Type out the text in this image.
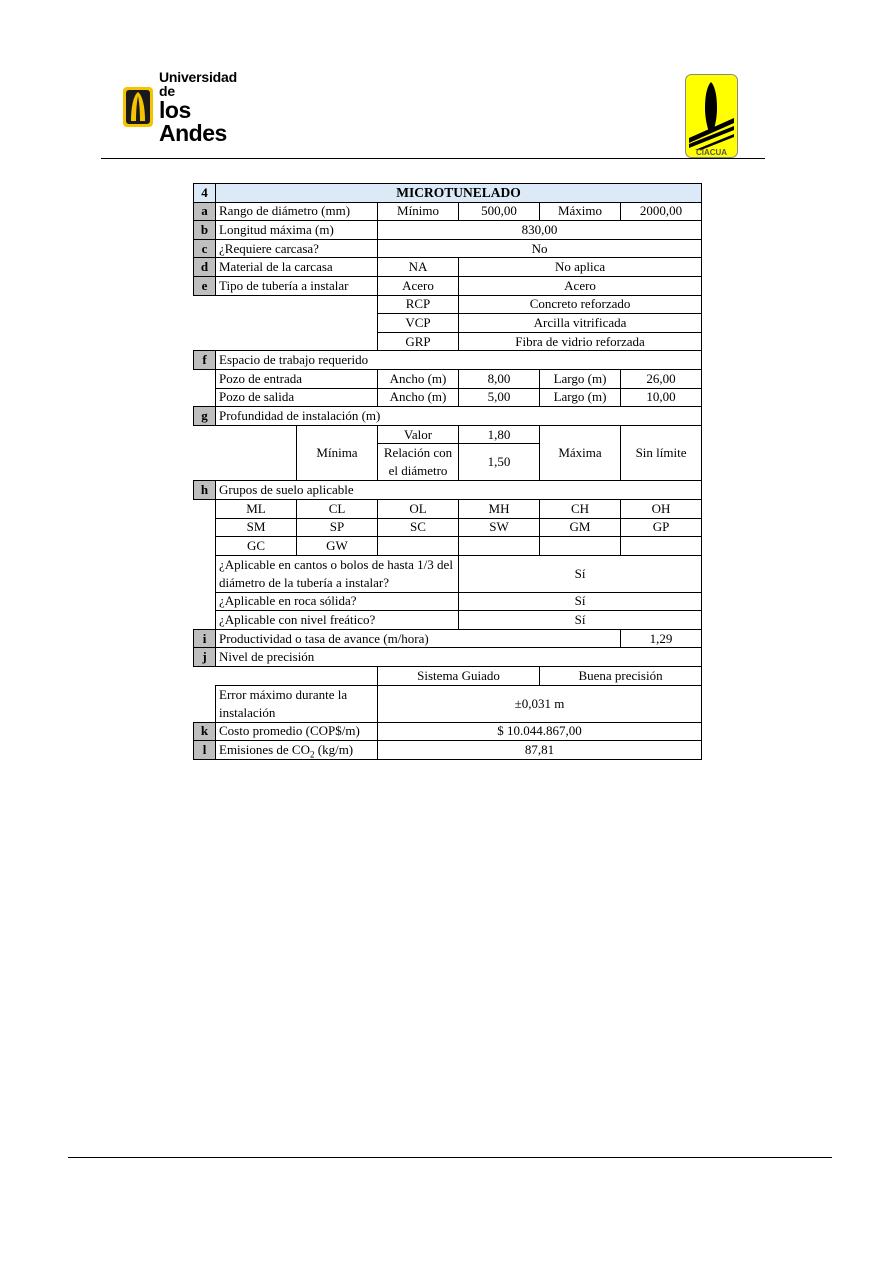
Universidad de
los Andes
CIACUA
4	MICROTUNELADO					
a	Rango de diámetro (mm)		Mínimo	500,00	Máximo	2000,00
b	Longitud máxima (m)		830,00			
c	¿Requiere carcasa?		No			
d	Material de la carcasa		NA	No aplica		
e	Tipo de tubería a instalar		Acero	Acero		
			RCP	Concreto reforzado		
			VCP	Arcilla vitrificada		
			GRP	Fibra de vidrio reforzada		
f	Espacio de trabajo requerido					
	Pozo de entrada		Ancho (m)	8,00	Largo (m)	26,00
	Pozo de salida		Ancho (m)	5,00	Largo (m)	10,00
g	Profundidad de instalación (m)					
		Mínima	Valor	1,80	Máxima	Sin límite
			Relación con el diámetro	1,50		
h	Grupos de suelo aplicable					
	ML	CL	OL	MH	CH	OH
	SM	SP	SC	SW	GM	GP
	GC	GW				
	¿Aplicable en cantos o bolos de hasta 1/3 del diámetro de la tubería a instalar?			Sí		
	¿Aplicable en roca sólida?			Sí		
	¿Aplicable con nivel freático?			Sí		
i	Productividad o tasa de avance (m/hora)					1,29
j	Nivel de precisión					
			Sistema Guiado		Buena precisión	
	Error máximo durante la instalación		±0,031 m			
k	Costo promedio (COP$/m)		$ 10.044.867,00			
l	Emisiones de $CO_2$ (kg/m)		87,81			
